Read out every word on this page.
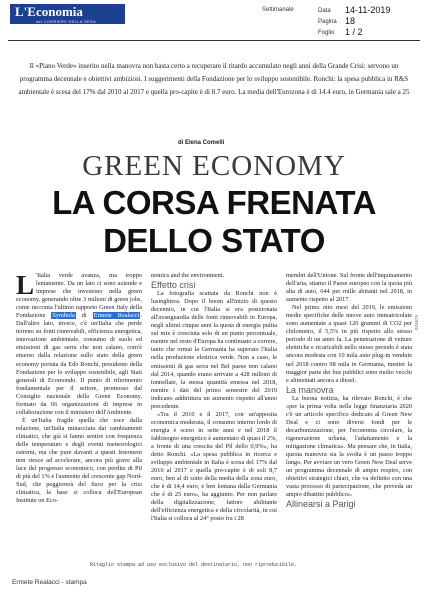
L'Economia
del CORRIERE DELLA SERA
Settimanale	Data 14-11-2019
Pagina 18
Foglio 1 / 2
Il «Piano Verde» inserito nella manovra non basta certo a recuperare il ritardo accumulato negli anni della Grande Crisi: servono un programma decennale e obiettivi ambiziosi. I suggerimenti della Fondazione per lo sviluppo sostenibile. Ronchi: la spesa pubblica in R&S ambientale è scesa del 17% dal 2010 al 2017 e quella pro-capite è di 8.7 euro. La media dell'Eurozona è di 14.4 euro, in Germania sale a 25
di Elena Comelli
GREEN ECONOMY
LA CORSA FRENATA
DELLO STATO

L 'Italia verde avanza, ma troppo lentamente. Da un lato ci sono aziende e imprese che investono nella green economy, generando oltre 3 milioni di green jobs, come racconta l'ultimo rapporto Green Italy della Fondazione Symbola di Ermete Realacci. Dall'altro lato, invece, c'è un'Italia che perde terreno su fonti rinnovabili, efficienza energetica, innovazione ambientale, consumo di suolo ed emissioni di gas serra che non calano, com'è emerso dalla relazione sullo stato della green economy portata da Edo Ronchi, presidente della Fondazione per lo sviluppo sostenibile, agli Stati generali di Ecomondo. Il punto di riferimento fondamentale per il settore, promosso dal Consiglio nazionale della Green Economy, formato da 66 organizzazioni di imprese in collaborazione con il ministero dell'Ambiente.

È un'Italia fragile quella che esce dalla relazione, un'Italia minacciata dai cambiamenti climatici, che già si fanno sentire con frequenza delle temperature e degli eventi meteorologici estremi, ma che pure davanti a questi fenomeni non riesce ad accelerare, ancora più grave alla luce del progresso economico, con perdite di Pil di più del 1% e l'aumento del crescente gap Nord-Sud, che peggiorerà del fisco per la crisi climatica, la base si colloca dell'European Institute on Eco-

nomics and the environment.

Effetto crisi

La fotografia scattata da Ronchi non è lusinghiera. Dopo il boom all'inizio di questo decennio, in cui l'Italia si era posizionata all'avanguardia delle fonti rinnovabili in Europa, negli ultimi cinque anni la quota di energia pulita sul mix è cresciuta solo di un punto percentuale, mentre nel resto d'Europa ha continuato a correre, tanto che ormai la Germania ha superato l'Italia nella produzione elettrica verde. Non a caso, le emissioni di gas serra nel Bel paese non calano dal 2014, quando erano arrivate a 428 milioni di tonnellate, la stessa quantità emessa nel 2018, mentre i dati del primo semestre del 2019 indicano addirittura un aumento rispetto all'anno precedente.

«Tra il 2010 e il 2017, con un'apposita economica moderata, il consumo interno lordo di energia è sceso in sette anni e nel 2018 il fabbisogno energetico è aumentato di quasi il 2%, a fronte di una crescita del Pil dello 0,9%», ha detto Ronchi. «La spesa pubblica in ricerca e sviluppo ambientale in Italia è scesa del 17% dal 2010 al 2017 e quella pro-capite è di soli 8,7 euro, ben al di sotto della media della zona euro, che è di 14,4 euro, e ben lontana dalla Germania che è di 25 euro», ha aggiunto. Per non parlare della digitalizzazione, fattore abilitante dell'efficienza energetica e della circolarità, in cui l'Italia si colloca al 24° posto fra i 28

membri dell'Unione. Sul fronte dell'inquinamento dell'aria, stiamo il Paese europeo con la quota più alta di auto, 644 per mille abitanti nel 2018, in aumento rispetto al 2017.

Nel primo otto mesi del 2019, le emissioni medie specifiche delle nuove auto immatricolate sono aumentate a quasi 120 grammi di CO2 per chilometro, il 5,5% in più rispetto allo stesso periodo di un anno fa. La penetrazione di vetture elettriche e ricaricabili nello stesso periodo è stata ancora modesta con 10 mila auto plug-in vendute nel 2018 contro 98 mila in Germania, mentre la maggior parte dei bus pubblici sono molto vecchi e alimentati ancora a diesel.

La manovra

La buona notizia, ha rilevato Ronchi, è che «per la prima volta nella legge finanziaria 2020 c'è un articolo specifico dedicato al Green New Deal e ci sono diversi fondi per le decarbonizzazione, per l'economia circolare, la rigenerazione urbana, l'adattamento e la mitigazione climatica». Ma pensare che, in Italia, questa manovra sia la svolta è un passo troppo lungo. Per avviare un vero Green New Deal serve un programma decennale di ampio respiro, con obiettivi strategici chiari, che va definito con una vasta processo di partecipazione, che preveda un ampio dibattito pubblico».

Allinearsi a Parigi
074679
Ritaglio stampa ad uso esclusivo del destinatario, non riproducibile.
Ermete Realacci - stampa
